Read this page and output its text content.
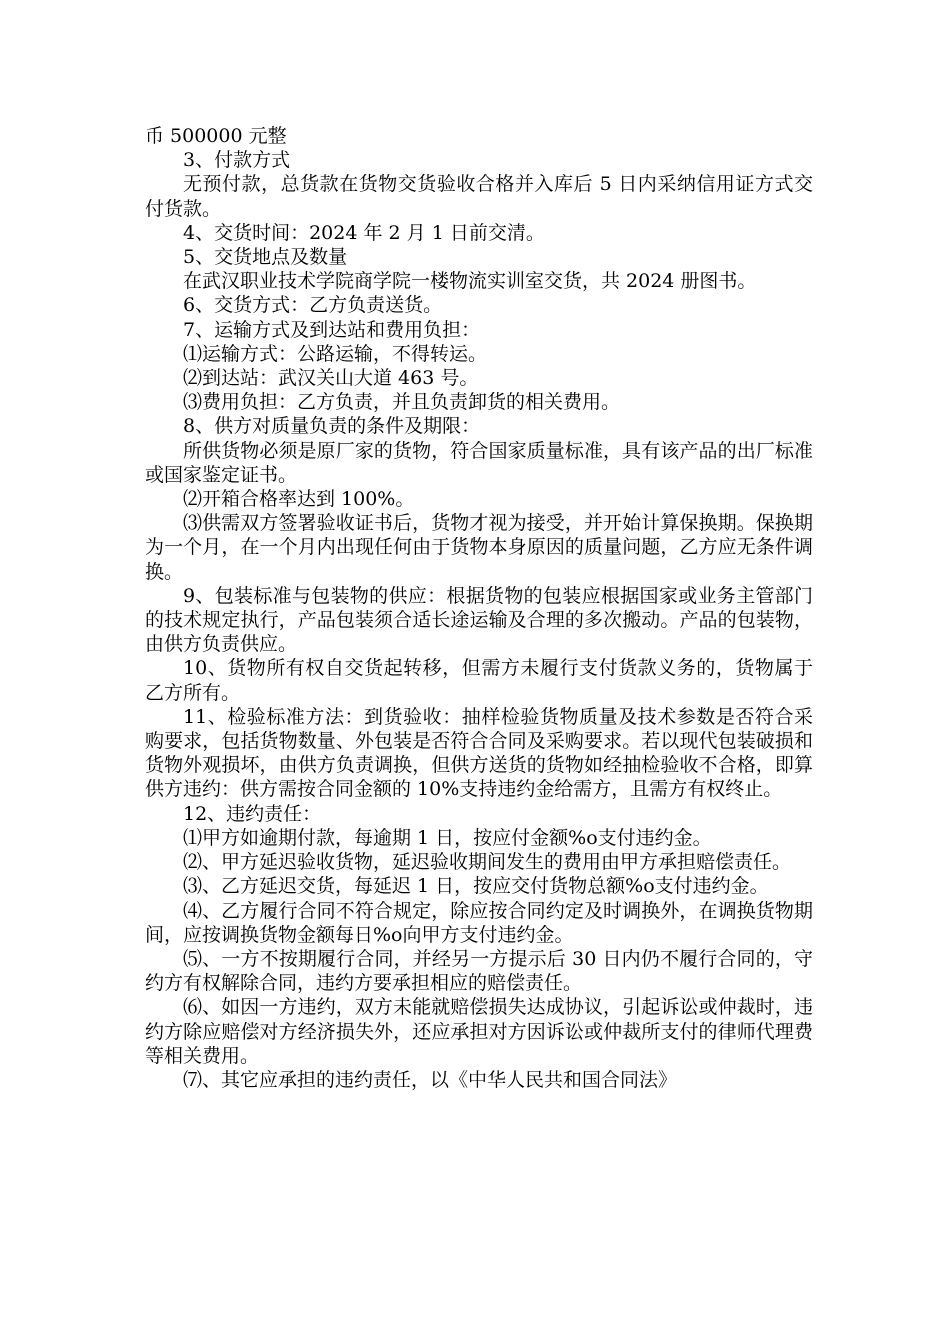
币 500000 元整

3、付款方式

无预付款，总货款在货物交货验收合格并入库后 5 日内采纳信用证方式交付货款。

4、交货时间：2024 年 2 月 1 日前交清。

5、交货地点及数量

在武汉职业技术学院商学院一楼物流实训室交货，共 2024 册图书。

6、交货方式：乙方负责送货。

7、运输方式及到达站和费用负担：

⑴运输方式：公路运输，不得转运。

⑵到达站：武汉关山大道 463 号。

⑶费用负担：乙方负责，并且负责卸货的相关费用。

8、供方对质量负责的条件及期限：

所供货物必须是原厂家的货物，符合国家质量标准，具有该产品的出厂标准或国家鉴定证书。

⑵开箱合格率达到 100%。

⑶供需双方签署验收证书后，货物才视为接受，并开始计算保换期。保换期为一个月，在一个月内出现任何由于货物本身原因的质量问题，乙方应无条件调换。

9、包装标准与包装物的供应：根据货物的包装应根据国家或业务主管部门的技术规定执行，产品包装须合适长途运输及合理的多次搬动。产品的包装物，由供方负责供应。

10、货物所有权自交货起转移，但需方未履行支付货款义务的，货物属于乙方所有。

11、检验标准方法：到货验收：抽样检验货物质量及技术参数是否符合采购要求，包括货物数量、外包装是否符合合同及采购要求。若以现代包装破损和货物外观损坏，由供方负责调换，但供方送货的货物如经抽检验收不合格，即算供方违约：供方需按合同金额的 10%支持违约金给需方，且需方有权终止。

12、违约责任：

⑴甲方如逾期付款，每逾期 1 日，按应付金额%o支付违约金。

⑵、甲方延迟验收货物，延迟验收期间发生的费用由甲方承担赔偿责任。

⑶、乙方延迟交货，每延迟 1 日，按应交付货物总额%o支付违约金。

⑷、乙方履行合同不符合规定，除应按合同约定及时调换外，在调换货物期间，应按调换货物金额每日%o向甲方支付违约金。

⑸、一方不按期履行合同，并经另一方提示后 30 日内仍不履行合同的，守约方有权解除合同，违约方要承担相应的赔偿责任。

⑹、如因一方违约，双方未能就赔偿损失达成协议，引起诉讼或仲裁时，违约方除应赔偿对方经济损失外，还应承担对方因诉讼或仲裁所支付的律师代理费等相关费用。

⑺、其它应承担的违约责任，以《中华人民共和国合同法》
